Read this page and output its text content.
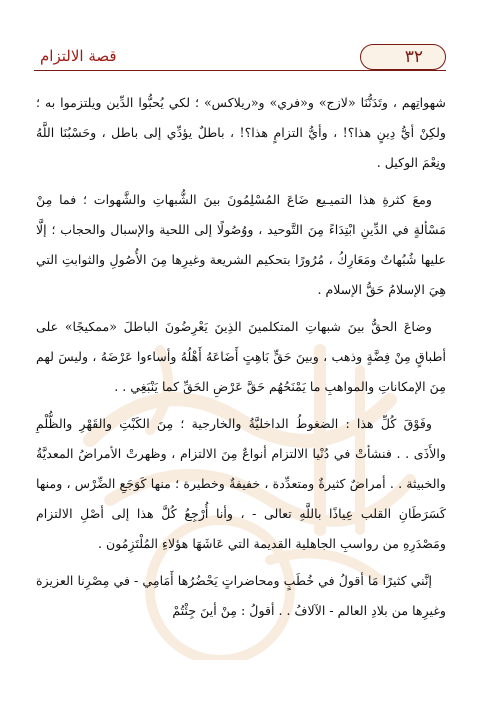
٣٢
قصة الالتزام

شهواتِهم ، وتَدَنُّنَا «لازج» و«فري» و«ريلاكس» ؛ لكي يُحبُّوا الدِّين ويلتزموا به ؛ ولكِنْ أيُّ دِينٍ هذا؟! ، وأيُّ التزامٍ هذا؟! ، باطلٌ يؤدِّي إلى باطل ، وحَسْبُنَا اللَّهُ ونِعْمَ الوكيل .

ومعَ كثرةِ هذا التميـيع ضَاعَ المُسْلِمُونَ بينَ الشُّبهاتِ والشَّهوات ؛ فما مِنْ مَسْألةٍ في الدِّينِ ابْتِدَاءً مِنَ التَّوحيد ، ووُصُولًا إلى اللحية والإسبال والحجاب ؛ إلَّا عليها شُبُهاتٌ ومَعَارِكُ ، مُرُورًا بتحكيم الشريعة وغيرِها مِنَ الأُصُولِ والثوابتِ التي هِيَ الإسلامُ حَقُّ الإسلام .

وضاعَ الحقُّ بينَ شبهاتِ المتكلمينَ الذِينَ يَعْرِضُونَ الباطلَ «ممكيجًا» على أطباقٍ مِنْ فِضَّةٍ وذهب ، وبينَ حَقٍّ بَاهِتٍ أَضَاعَهُ أَهْلُهُ وأساءوا عَرْضَهُ ، وليسَ لهم مِنَ الإمكاناتِ والمواهبِ ما يَمْنَحُهُم حَقَّ عَرْضِ الحَقِّ كما يَنْبَغِي . .

وفَوْقَ كُلِّ هذا : الضغوطُ الداخليَّةُ والخارجية ؛ مِنَ الكَبْتِ والقَهْرِ والظُّلْمِ والأَذَى . . فنشأتْ في دُنْيا الالتزام أنواعٌ مِنَ الالتزام ، وظهرتْ الأمراضُ المعديَّةُ والخبيثة . . أمراضٌ كثيرةٌ ومتعدِّدة ، خفيفةٌ وخطيرة ؛ منها كَوَجَعِ الضِّرْس ، ومنها كَسَرَطَانِ القلب عِياذًا باللَّهِ تعالى - ، وأنا أُرْجِعُ كُلَّ هذا إلى أصْلِ الالتزام ومَصْدَرِهِ من رواسبِ الجاهلية القديمة التي عَاشَهَا هؤلاءِ المُلْتَزِمُون .

إنَّني كثيرًا مَا أقولُ في خُطَبٍ ومحاضراتٍ يَحْضُرُها أَمَامِي - في مِصْرِنا العزيزة وغيرِها من بلادِ العالم - الآلافُ . . أقولُ : مِنْ أينَ جِئْتُمْ
